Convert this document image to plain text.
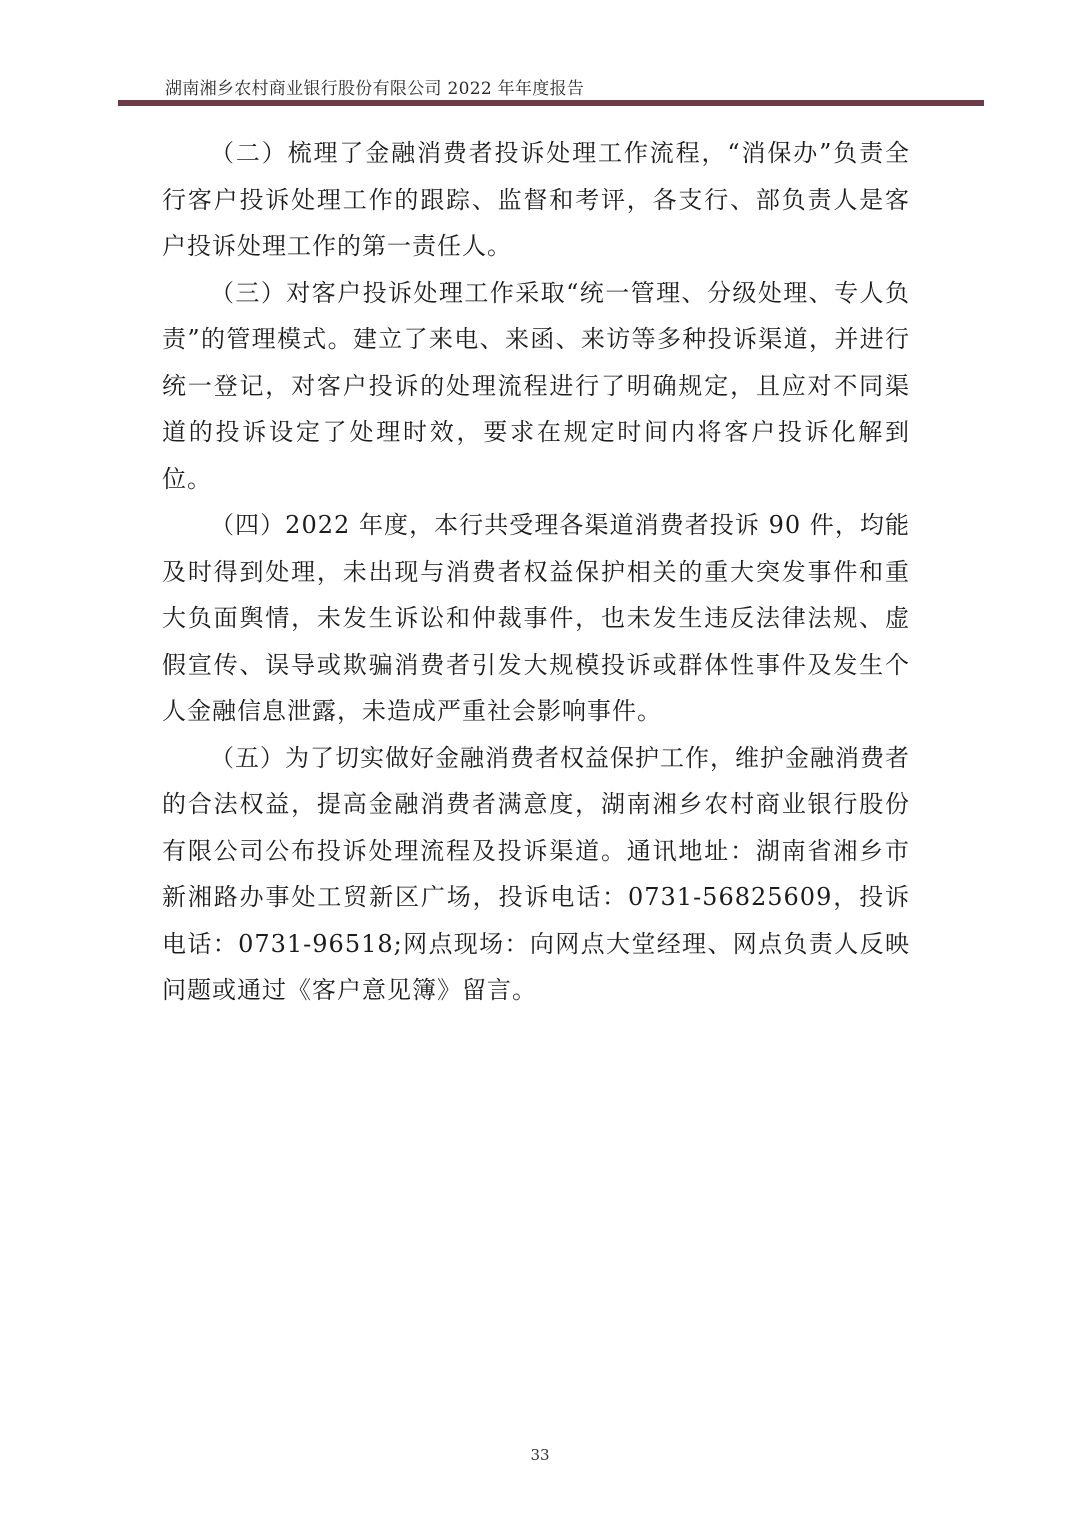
湖南湘乡农村商业银行股份有限公司 2022 年年度报告

（二）梳理了金融消费者投诉处理工作流程，“消保办”负责全行客户投诉处理工作的跟踪、监督和考评，各支行、部负责人是客户投诉处理工作的第一责任人。

（三）对客户投诉处理工作采取“统一管理、分级处理、专人负责”的管理模式。建立了来电、来函、来访等多种投诉渠道，并进行统一登记，对客户投诉的处理流程进行了明确规定，且应对不同渠道的投诉设定了处理时效，要求在规定时间内将客户投诉化解到位。

（四）2022 年度，本行共受理各渠道消费者投诉 90 件，均能及时得到处理，未出现与消费者权益保护相关的重大突发事件和重大负面舆情，未发生诉讼和仲裁事件，也未发生违反法律法规、虚假宣传、误导或欺骗消费者引发大规模投诉或群体性事件及发生个人金融信息泄露，未造成严重社会影响事件。

（五）为了切实做好金融消费者权益保护工作，维护金融消费者的合法权益，提高金融消费者满意度，湖南湘乡农村商业银行股份有限公司公布投诉处理流程及投诉渠道。通讯地址：湖南省湘乡市新湘路办事处工贸新区广场，投诉电话：0731-56825609，投诉电话：0731-96518;网点现场：向网点大堂经理、网点负责人反映问题或通过《客户意见簿》留言。

33
